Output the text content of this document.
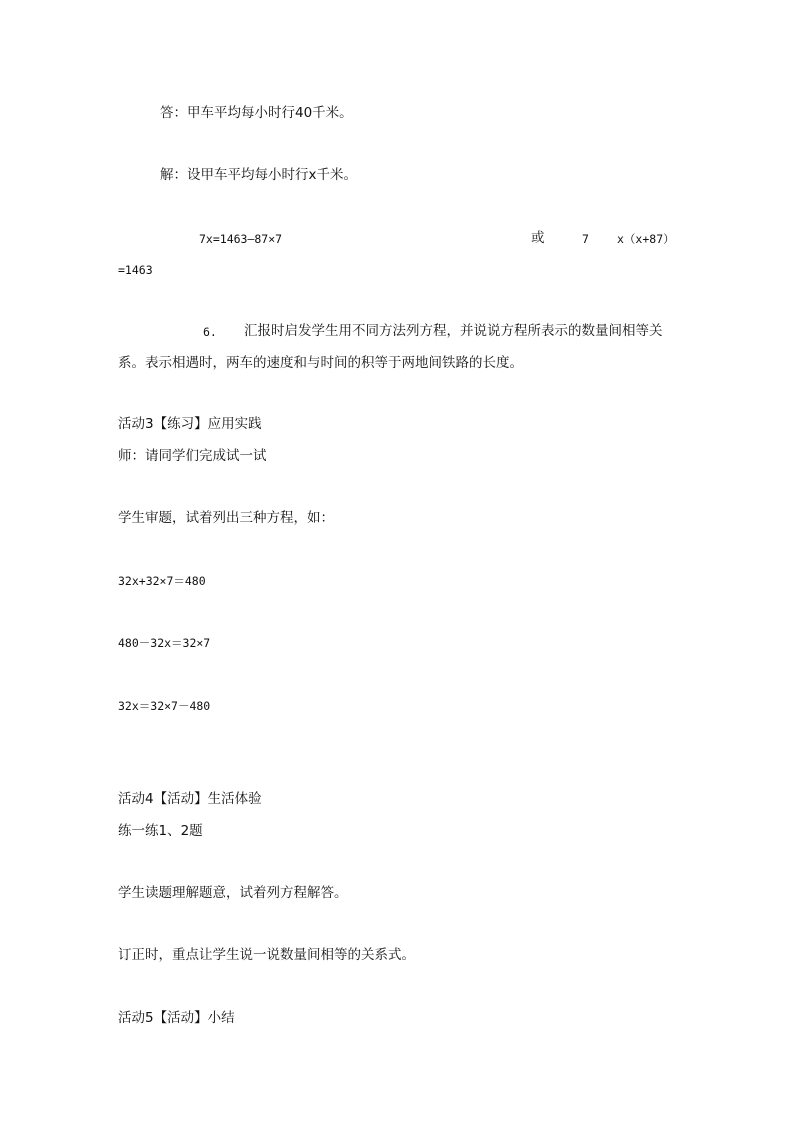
答：甲车平均每小时行40千米。
解：设甲车平均每小时行x千米。
7x=1463—87×7	或	7 x（x+87）
=1463
6. 汇报时启发学生用不同方法列方程，并说说方程所表示的数量间相等关
系。表示相遇时，两车的速度和与时间的积等于两地间铁路的长度。
活动3【练习】应用实践
师：请同学们完成试一试
学生审题，试着列出三种方程，如：
32x+32×7＝480
480－32x＝32×7
32x＝32×7－480
活动4【活动】生活体验
练一练1、2题
学生读题理解题意，试着列方程解答。
订正时，重点让学生说一说数量间相等的关系式。
活动5【活动】小结
